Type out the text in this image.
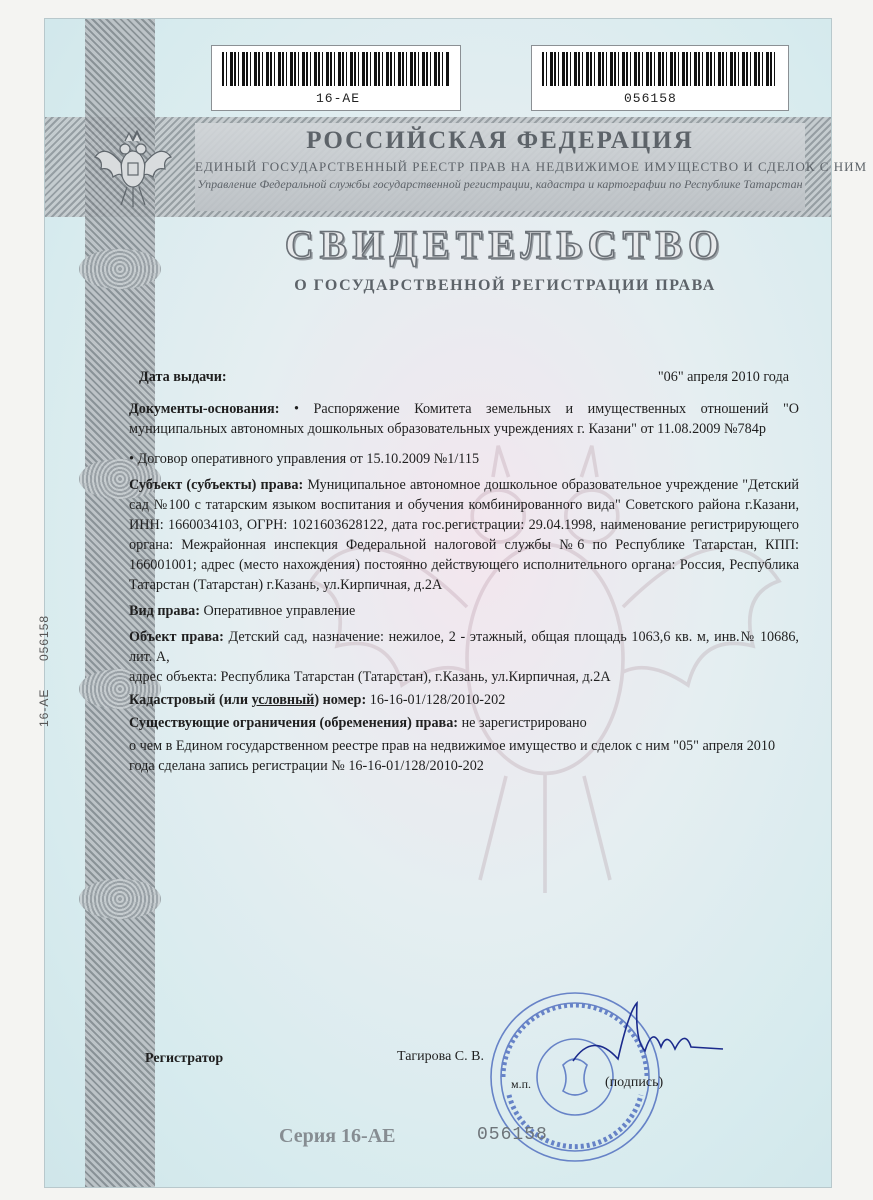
16-AE	056158
РОССИЙСКАЯ ФЕДЕРАЦИЯ
ЕДИНЫЙ ГОСУДАРСТВЕННЫЙ РЕЕСТР ПРАВ НА НЕДВИЖИМОЕ ИМУЩЕСТВО И СДЕЛОК С НИМ
Управление Федеральной службы государственной регистрации, кадастра и картографии по Республике Татарстан
СВИДЕТЕЛЬСТВО
О ГОСУДАРСТВЕННОЙ РЕГИСТРАЦИИ ПРАВА
16-АЕ
056158
Дата выдачи:	"06" апреля 2010 года

Документы-основания: • Распоряжение Комитета земельных и имущественных отношений "О муниципальных автономных дошкольных образовательных учреждениях г. Казани" от 11.08.2009 №784р

• Договор оперативного управления от 15.10.2009 №1/115

Субъект (субъекты) права: Муниципальное автономное дошкольное образовательное учреждение "Детский сад №100 с татарским языком воспитания и обучения комбинированного вида" Советского района г.Казани, ИНН: 1660034103, ОГРН: 1021603628122, дата гос.регистрации: 29.04.1998, наименование регистрирующего органа: Межрайонная инспекция Федеральной налоговой службы №6 по Республике Татарстан, КПП: 166001001; адрес (место нахождения) постоянно действующего исполнительного органа: Россия, Республика Татарстан (Татарстан) г.Казань, ул.Кирпичная, д.2А

Вид права: Оперативное управление

Объект права: Детский сад, назначение: нежилое, 2 - этажный, общая площадь 1063,6 кв. м, инв.№ 10686, лит. А,

адрес объекта: Республика Татарстан (Татарстан), г.Казань, ул.Кирпичная, д.2А

Кадастровый (или условный) номер: 16-16-01/128/2010-202

Существующие ограничения (обременения) права: не зарегистрировано

о чем в Едином государственном реестре прав на недвижимое имущество и сделок с ним "05" апреля 2010 года сделана запись регистрации № 16-16-01/128/2010-202

Регистратор	Тагирова С. В.
м.п.	(подпись)
Серия 16-АЕ	056158
